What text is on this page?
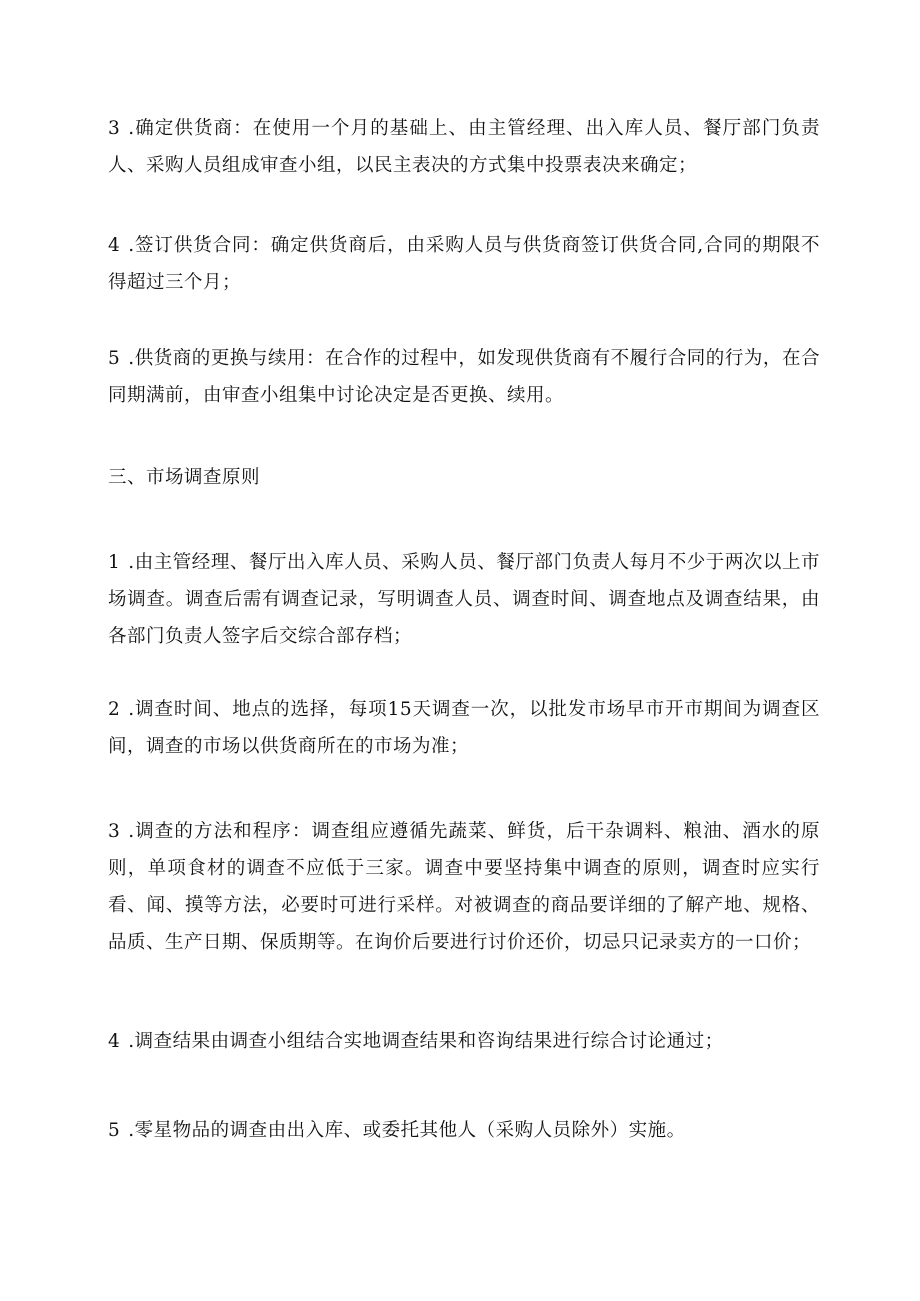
3 .确定供货商：在使用一个月的基础上、由主管经理、出入库人员、餐厅部门负责人、采购人员组成审查小组，以民主表决的方式集中投票表决来确定；

4 .签订供货合同：确定供货商后，由采购人员与供货商签订供货合同,合同的期限不得超过三个月；

5 .供货商的更换与续用：在合作的过程中，如发现供货商有不履行合同的行为，在合同期满前，由审查小组集中讨论决定是否更换、续用。

三、市场调查原则

1 .由主管经理、餐厅出入库人员、采购人员、餐厅部门负责人每月不少于两次以上市场调查。调查后需有调查记录，写明调查人员、调查时间、调查地点及调查结果，由各部门负责人签字后交综合部存档；

2 .调查时间、地点的选择，每项15天调查一次，以批发市场早市开市期间为调查区间，调查的市场以供货商所在的市场为准；

3 .调查的方法和程序：调查组应遵循先蔬菜、鲜货，后干杂调料、粮油、酒水的原则，单项食材的调查不应低于三家。调查中要坚持集中调查的原则，调查时应实行看、闻、摸等方法，必要时可进行采样。对被调查的商品要详细的了解产地、规格、品质、生产日期、保质期等。在询价后要进行讨价还价，切忌只记录卖方的一口价；

4 .调查结果由调查小组结合实地调查结果和咨询结果进行综合讨论通过；

5 .零星物品的调查由出入库、或委托其他人（采购人员除外）实施。
